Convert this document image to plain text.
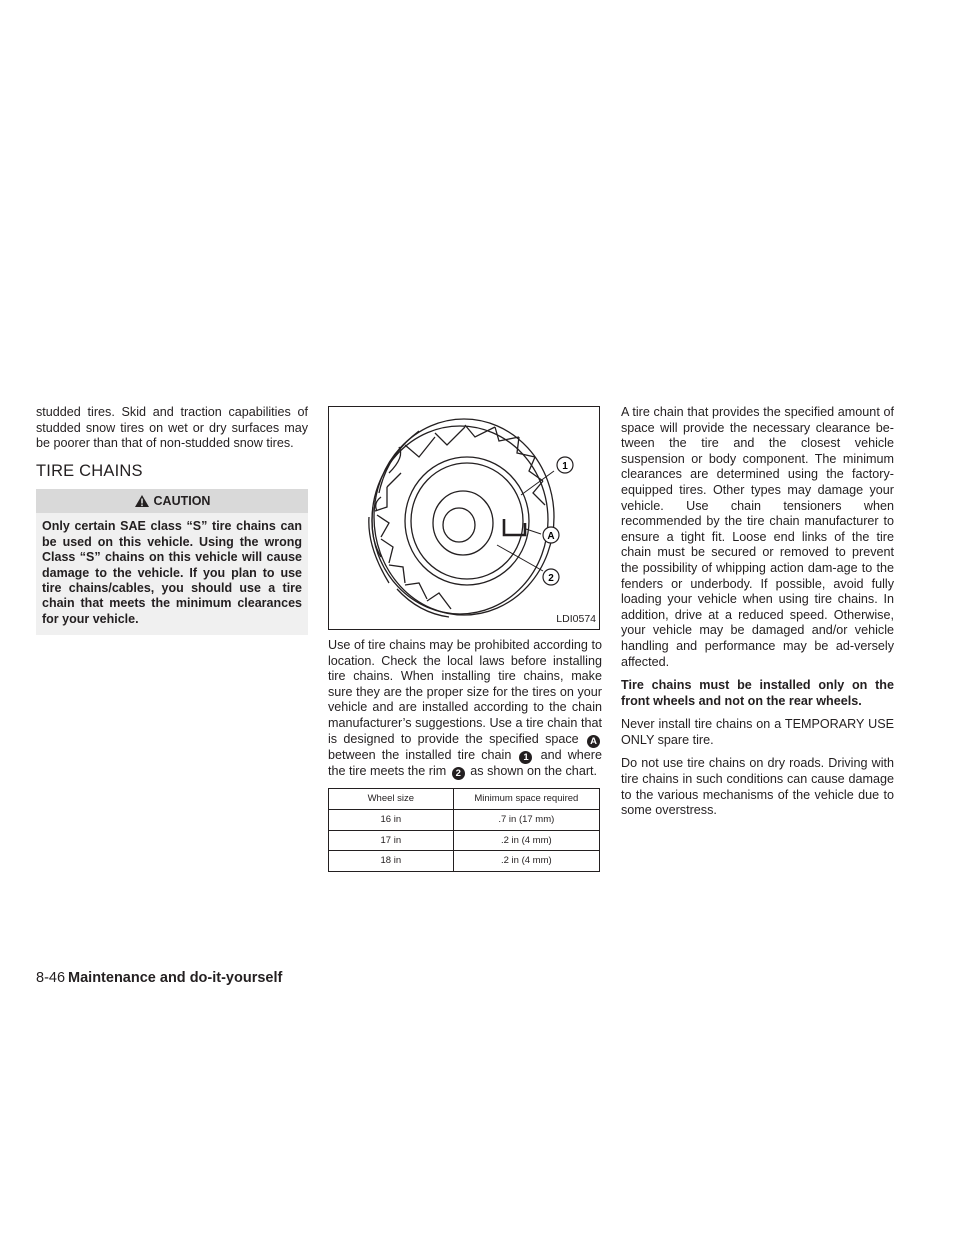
studded tires. Skid and traction capabilities of studded snow tires on wet or dry surfaces may be poorer than that of non-studded snow tires.

TIRE CHAINS
CAUTION
Only certain SAE class “S” tire chains can be used on this vehicle. Using the wrong Class “S” chains on this vehicle will cause damage to the vehicle. If you plan to use tire chains/cables, you should use a tire chain that meets the minimum clearances for your vehicle.
1
A
2
LDI0574

Use of tire chains may be prohibited according to location. Check the local laws before installing tire chains. When installing tire chains, make sure they are the proper size for the tires on your vehicle and are installed according to the chain manufacturer’s suggestions. Use a tire chain that is designed to provide the specified space A between the installed tire chain 1 and where the tire meets the rim 2 as shown on the chart.

Wheel size	Minimum space required
16 in	.7 in (17 mm)
17 in	.2 in (4 mm)
18 in	.2 in (4 mm)

A tire chain that provides the specified amount of space will provide the necessary clearance be-tween the tire and the closest vehicle suspension or body component. The minimum clearances are determined using the factory-equipped tires. Other types may damage your vehicle. Use chain tensioners when recommended by the tire chain manufacturer to ensure a tight fit. Loose end links of the tire chain must be secured or removed to prevent the possibility of whipping action dam-age to the fenders or underbody. If possible, avoid fully loading your vehicle when using tire chains. In addition, drive at a reduced speed. Otherwise, your vehicle may be damaged and/or vehicle handling and performance may be ad-versely affected.

Tire chains must be installed only on the front wheels and not on the rear wheels.

Never install tire chains on a TEMPORARY USE ONLY spare tire.

Do not use tire chains on dry roads. Driving with tire chains in such conditions can cause damage to the various mechanisms of the vehicle due to some overstress.

8-46 Maintenance and do-it-yourself
